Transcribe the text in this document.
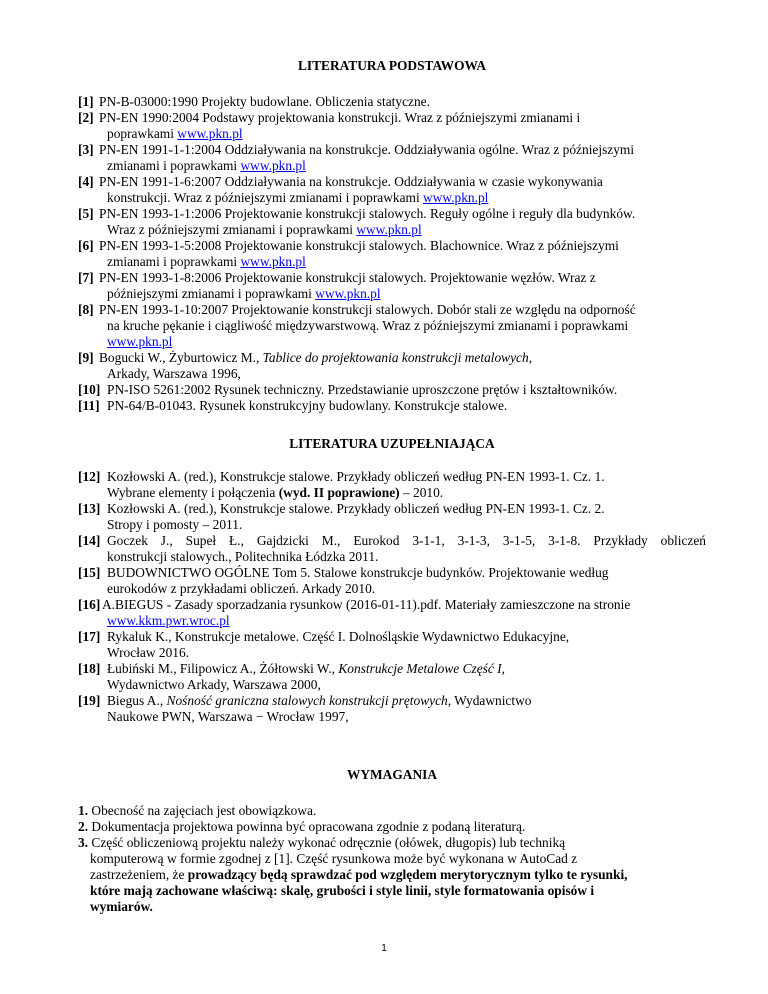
LITERATURA PODSTAWOWA

[1] PN-B-03000:1990 Projekty budowlane. Obliczenia statyczne.
[2] PN-EN 1990:2004 Podstawy projektowania konstrukcji. Wraz z późniejszymi zmianami i
poprawkami www.pkn.pl
[3] PN-EN 1991-1-1:2004 Oddziaływania na konstrukcje. Oddziaływania ogólne. Wraz z późniejszymi
zmianami i poprawkami www.pkn.pl
[4] PN-EN 1991-1-6:2007 Oddziaływania na konstrukcje. Oddziaływania w czasie wykonywania
konstrukcji. Wraz z późniejszymi zmianami i poprawkami www.pkn.pl
[5] PN-EN 1993-1-1:2006 Projektowanie konstrukcji stalowych. Reguły ogólne i reguły dla budynków.
Wraz z późniejszymi zmianami i poprawkami www.pkn.pl
[6] PN-EN 1993-1-5:2008 Projektowanie konstrukcji stalowych. Blachownice. Wraz z późniejszymi
zmianami i poprawkami www.pkn.pl
[7] PN-EN 1993-1-8:2006 Projektowanie konstrukcji stalowych. Projektowanie węzłów. Wraz z
późniejszymi zmianami i poprawkami www.pkn.pl
[8] PN-EN 1993-1-10:2007 Projektowanie konstrukcji stalowych. Dobór stali ze względu na odporność
na kruche pękanie i ciągliwość międzywarstwową. Wraz z późniejszymi zmianami i poprawkami
www.pkn.pl
[9] Bogucki W., Żyburtowicz M., Tablice do projektowania konstrukcji metalowych,
Arkady, Warszawa 1996,
[10] PN-ISO 5261:2002 Rysunek techniczny. Przedstawianie uproszczone prętów i kształtowników.
[11] PN-64/B-01043. Rysunek konstrukcyjny budowlany. Konstrukcje stalowe.

LITERATURA UZUPEŁNIAJĄCA

[12] Kozłowski A. (red.), Konstrukcje stalowe. Przykłady obliczeń według PN-EN 1993-1. Cz. 1.
Wybrane elementy i połączenia (wyd. II poprawione) – 2010.
[13] Kozłowski A. (red.), Konstrukcje stalowe. Przykłady obliczeń według PN-EN 1993-1. Cz. 2.
Stropy i pomosty – 2011.
[14] Goczek J., Supeł Ł., Gajdzicki M., Eurokod 3-1-1, 3-1-3, 3-1-5, 3-1-8. Przykłady obliczeń
konstrukcji stalowych., Politechnika Łódzka 2011.
[15] BUDOWNICTWO OGÓLNE Tom 5. Stalowe konstrukcje budynków. Projektowanie według
eurokodów z przykładami obliczeń. Arkady 2010.
[16] A.BIEGUS - Zasady sporzadzania rysunkow (2016-01-11).pdf. Materiały zamieszczone na stronie
www.kkm.pwr.wroc.pl
[17] Rykaluk K., Konstrukcje metalowe. Część I. Dolnośląskie Wydawnictwo Edukacyjne,
Wrocław 2016.
[18] Łubiński M., Filipowicz A., Żółtowski W., Konstrukcje Metalowe Część I,
Wydawnictwo Arkady, Warszawa 2000,
[19] Biegus A., Nośność graniczna stalowych konstrukcji prętowych, Wydawnictwo
Naukowe PWN, Warszawa − Wrocław 1997,

WYMAGANIA

1. Obecność na zajęciach jest obowiązkowa.
2. Dokumentacja projektowa powinna być opracowana zgodnie z podaną literaturą.
3. Część obliczeniową projektu należy wykonać odręcznie (ołówek, długopis) lub techniką
komputerową w formie zgodnej z [1]. Część rysunkowa może być wykonana w AutoCad z
zastrzeżeniem, że prowadzący będą sprawdzać pod względem merytorycznym tylko te rysunki,
które mają zachowane właściwą: skalę, grubości i style linii, style formatowania opisów i
wymiarów.
1
